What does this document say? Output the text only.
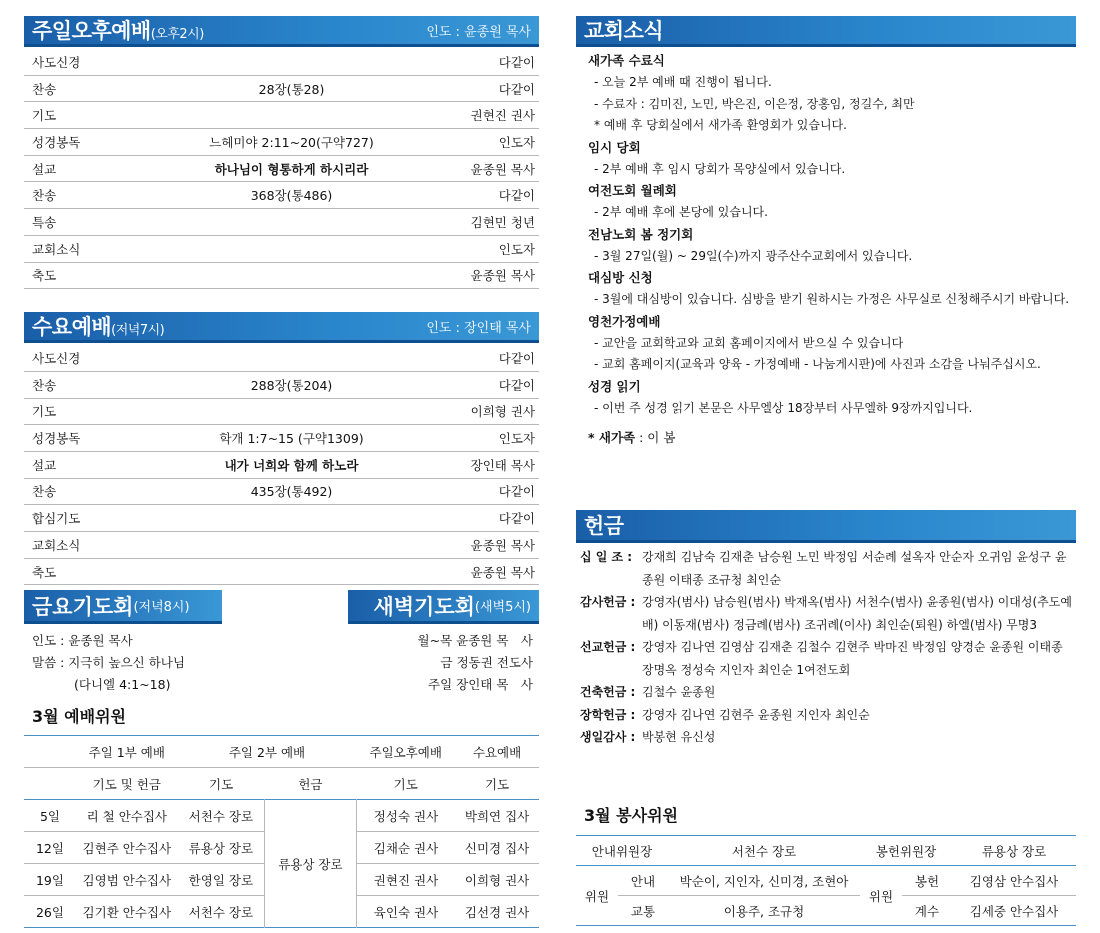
주일오후예배(오후2시)	인도 : 윤종원 목사
사도신경	다같이
찬송	28장(통28)	다같이
기도	권현진 권사
성경봉독	느헤미야 2:11~20(구약727)	인도자
설교	하나님이 형통하게 하시리라	윤종원 목사
찬송	368장(통486)	다같이
특송	김현민 청년
교회소식	인도자
축도	윤종원 목사
수요예배(저녁7시)	인도 : 장인태 목사
사도신경	다같이
찬송	288장(통204)	다같이
기도	이희형 권사
성경봉독	학개 1:7~15 (구약1309)	인도자
설교	내가 너희와 함께 하노라	장인태 목사
찬송	435장(통492)	다같이
합심기도	다같이
교회소식	윤종원 목사
축도	윤종원 목사
금요기도회 (저녁8시)
인도 : 윤종원 목사
말씀 : 지극히 높으신 하나님
(다니엘 4:1~18)
새벽기도회 (새벽5시)
월~목 윤종원 목　사
금 정동권 전도사
주일 장인태 목　사
3월 예배위원
	주일 1부 예배	주일 2부 예배		주일오후예배	수요예배
	기도 및 헌금	기도	헌금	기도	기도
5일	리 철 안수집사	서천수 장로	류용상 장로	정성숙 권사	박희연 집사
12일	김현주 안수집사	류용상 장로		김채순 권사	신미경 집사
19일	김영범 안수집사	한영일 장로		권현진 권사	이희형 권사
26일	김기환 안수집사	서천수 장로		육인숙 권사	김선경 권사
교회소식
새가족 수료식
- 오늘 2부 예배 때 진행이 됩니다.
- 수료자 : 김미진, 노민, 박은진, 이은정, 장홍임, 정길수, 최만
* 예배 후 당회실에서 새가족 환영회가 있습니다.
임시 당회
- 2부 예배 후 임시 당회가 목양실에서 있습니다.
여전도회 월례회
- 2부 예배 후에 본당에 있습니다.
전남노회 봄 정기회
- 3월 27일(월) ~ 29일(수)까지 광주산수교회에서 있습니다.
대심방 신청
- 3월에 대심방이 있습니다. 심방을 받기 원하시는 가정은 사무실로 신청해주시기 바랍니다.
영천가정예배
- 교안을 교회학교와 교회 홈페이지에서 받으실 수 있습니다
- 교회 홈페이지(교육과 양육 - 가정예배 - 나눔게시판)에 사진과 소감을 나눠주십시오.
성경 읽기
- 이번 주 성경 읽기 본문은 사무엘상 18장부터 사무엘하 9장까지입니다.
* 새가족 : 이 봄
헌금
십 일 조 : 강재희 김남숙 김재춘 남승원 노민 박정임 서순례 설옥자 안순자 오귀임 윤성구 윤종원 이태종 조규청 최인순
감사헌금 : 강영자(범사) 남승원(범사) 박재옥(범사) 서천수(범사) 윤종원(범사) 이대성(추도예배) 이동재(범사) 정금례(범사) 조귀례(이사) 최인순(퇴원) 하엘(범사) 무명3
선교헌금 : 강영자 김나연 김영삼 김재춘 김철수 김현주 박마진 박정임 양경순 윤종원 이태종 장명옥 정성숙 지인자 최인순 1여전도회
건축헌금 : 김철수 윤종원
장학헌금 : 강영자 김나연 김현주 윤종원 지인자 최인순
생일감사 : 박봉현 유신성
3월 봉사위원
안내위원장		서천수 장로	봉헌위원장		류용상 장로
위원	안내	박순이, 지인자, 신미경, 조현아	위원	봉헌	김영삼 안수집사
	교통	이용주, 조규청		계수	김세중 안수집사
